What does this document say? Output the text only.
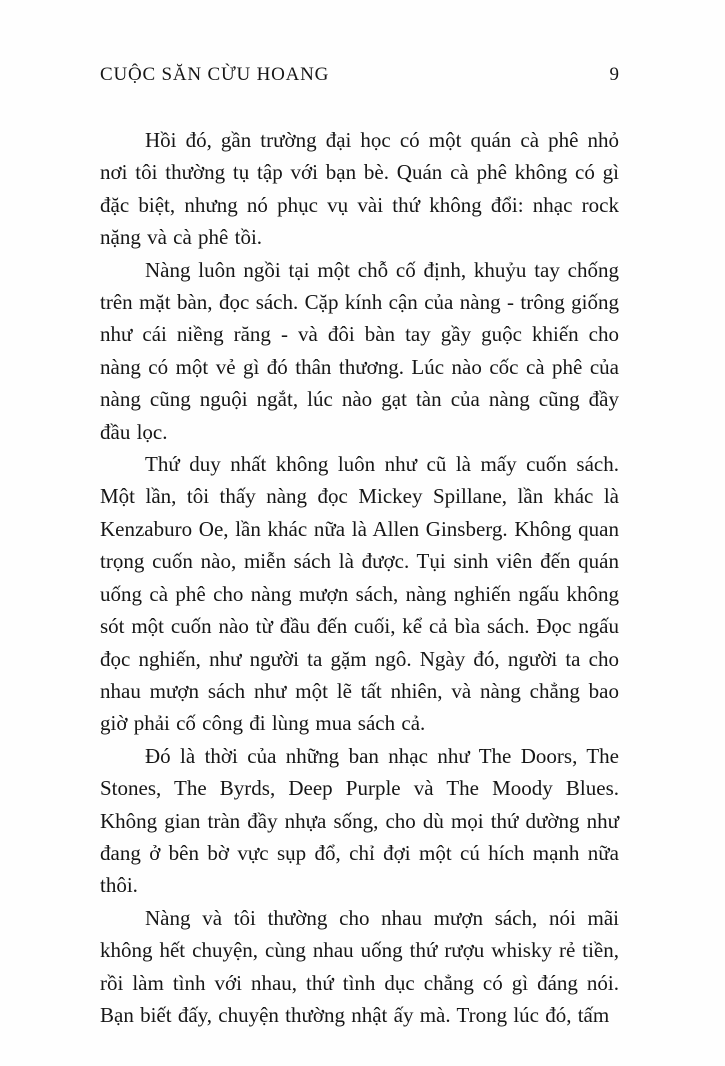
CUỘC SĂN CỪU HOANG	9

Hồi đó, gần trường đại học có một quán cà phê nhỏ nơi tôi thường tụ tập với bạn bè. Quán cà phê không có gì đặc biệt, nhưng nó phục vụ vài thứ không đổi: nhạc rock nặng và cà phê tồi.

Nàng luôn ngồi tại một chỗ cố định, khuỷu tay chống trên mặt bàn, đọc sách. Cặp kính cận của nàng - trông giống như cái niềng răng - và đôi bàn tay gầy guộc khiến cho nàng có một vẻ gì đó thân thương. Lúc nào cốc cà phê của nàng cũng nguội ngắt, lúc nào gạt tàn của nàng cũng đầy đầu lọc.

Thứ duy nhất không luôn như cũ là mấy cuốn sách. Một lần, tôi thấy nàng đọc Mickey Spillane, lần khác là Kenzaburo Oe, lần khác nữa là Allen Ginsberg. Không quan trọng cuốn nào, miễn sách là được. Tụi sinh viên đến quán uống cà phê cho nàng mượn sách, nàng nghiến ngấu không sót một cuốn nào từ đầu đến cuối, kể cả bìa sách. Đọc ngấu đọc nghiến, như người ta gặm ngô. Ngày đó, người ta cho nhau mượn sách như một lẽ tất nhiên, và nàng chẳng bao giờ phải cố công đi lùng mua sách cả.

Đó là thời của những ban nhạc như The Doors, The Stones, The Byrds, Deep Purple và The Moody Blues. Không gian tràn đầy nhựa sống, cho dù mọi thứ dường như đang ở bên bờ vực sụp đổ, chỉ đợi một cú hích mạnh nữa thôi.

Nàng và tôi thường cho nhau mượn sách, nói mãi không hết chuyện, cùng nhau uống thứ rượu whisky rẻ tiền, rồi làm tình với nhau, thứ tình dục chẳng có gì đáng nói. Bạn biết đấy, chuyện thường nhật ấy mà. Trong lúc đó, tấm
